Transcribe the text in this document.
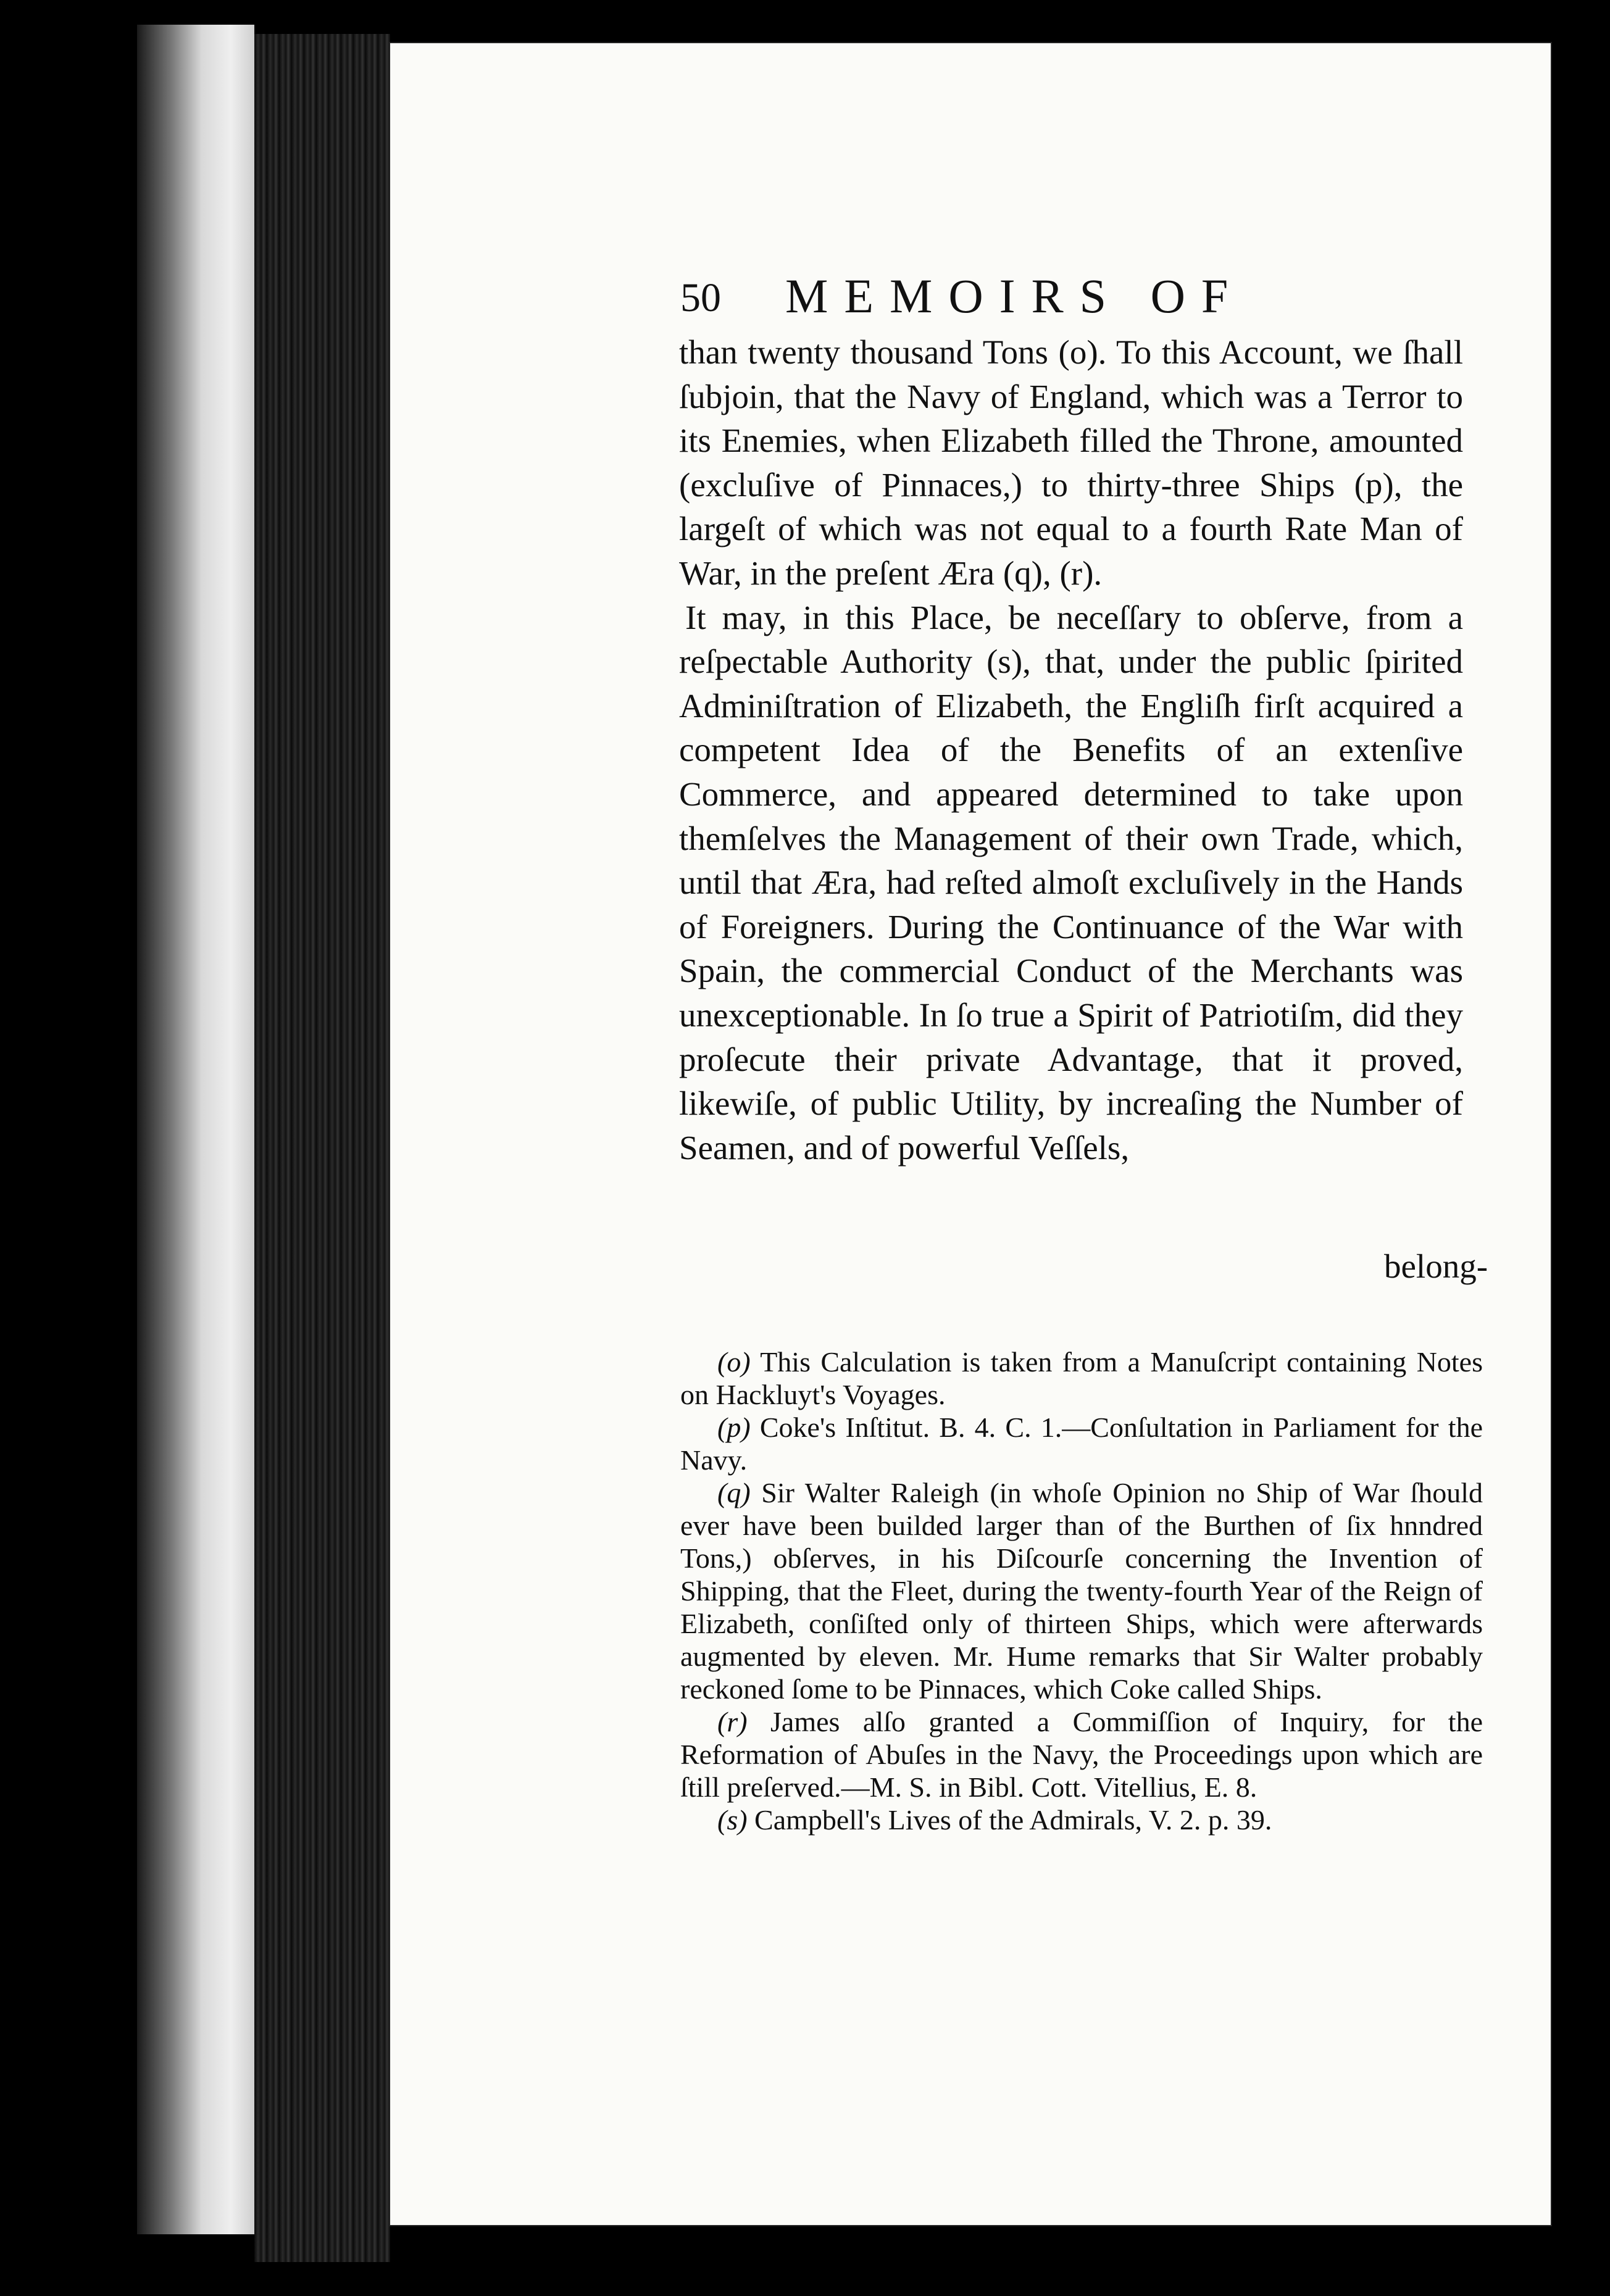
50 MEMOIRS OF

than twenty thousand Tons (o). To this Account, we ſhall ſubjoin, that the Navy of England, which was a Terror to its Enemies, when Elizabeth filled the Throne, amounted (excluſive of Pinnaces,) to thirty-three Ships (p), the largeſt of which was not equal to a fourth Rate Man of War, in the preſent Æra (q), (r).

It may, in this Place, be neceſſary to obſerve, from a reſpectable Authority (s), that, under the public ſpirited Adminiſtration of Elizabeth, the Engliſh firſt acquired a competent Idea of the Benefits of an extenſive Commerce, and appeared determined to take upon themſelves the Management of their own Trade, which, until that Æra, had reſted almoſt excluſively in the Hands of Foreigners. During the Continuance of the War with Spain, the commercial Conduct of the Merchants was unexceptionable. In ſo true a Spirit of Patriotiſm, did they proſecute their private Advantage, that it proved, likewiſe, of public Utility, by increaſing the Number of Seamen, and of powerful Veſſels,

belong-

(o) This Calculation is taken from a Manuſcript containing Notes on Hackluyt's Voyages.

(p) Coke's Inſtitut. B. 4. C. 1.—Conſultation in Parliament for the Navy.

(q) Sir Walter Raleigh (in whoſe Opinion no Ship of War ſhould ever have been builded larger than of the Burthen of ſix hnndred Tons,) obſerves, in his Diſcourſe concerning the Invention of Shipping, that the Fleet, during the twenty-fourth Year of the Reign of Elizabeth, conſiſted only of thirteen Ships, which were afterwards augmented by eleven. Mr. Hume remarks that Sir Walter probably reckoned ſome to be Pinnaces, which Coke called Ships.

(r) James alſo granted a Commiſſion of Inquiry, for the Reformation of Abuſes in the Navy, the Proceedings upon which are ſtill preſerved.—M. S. in Bibl. Cott. Vitellius, E. 8.

(s) Campbell's Lives of the Admirals, V. 2. p. 39.
